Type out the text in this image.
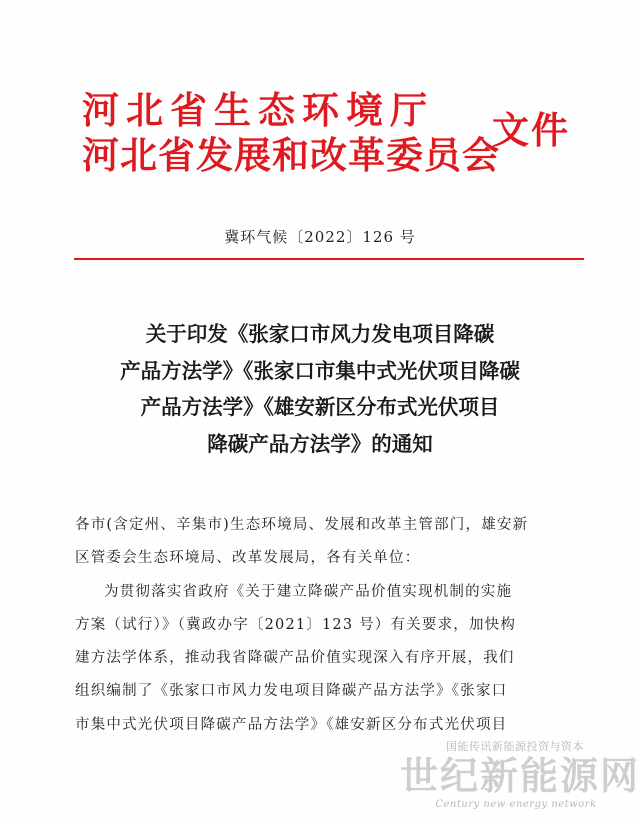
河北省生态环境厅
河北省发展和改革委员会
文件
冀环气候〔2022〕126 号
关于印发《张家口市风力发电项目降碳
产品方法学》《张家口市集中式光伏项目降碳
产品方法学》《雄安新区分布式光伏项目
降碳产品方法学》的通知
各市(含定州、辛集市)生态环境局、发展和改革主管部门，雄安新
区管委会生态环境局、改革发展局，各有关单位：
为贯彻落实省政府《关于建立降碳产品价值实现机制的实施
方案（试行）》（冀政办字〔2021〕123 号）有关要求，加快构
建方法学体系，推动我省降碳产品价值实现深入有序开展，我们
组织编制了《张家口市风力发电项目降碳产品方法学》《张家口
市集中式光伏项目降碳产品方法学》《雄安新区分布式光伏项目
国能传讯新能源投资与资本
世纪新能源网
Century new energy network
